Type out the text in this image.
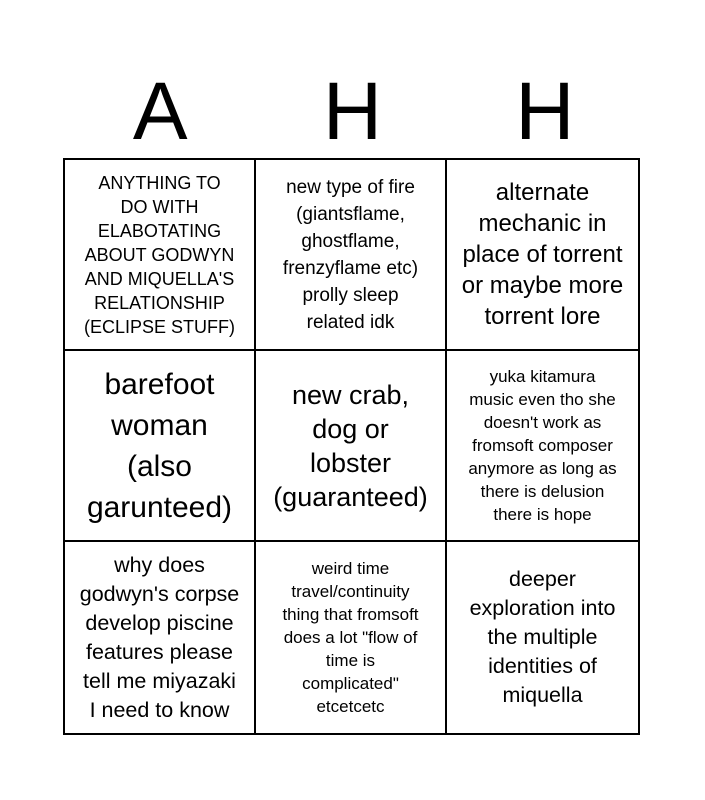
A	H	H
ANYTHING TO
DO WITH
ELABOTATING
ABOUT GODWYN
AND MIQUELLA'S
RELATIONSHIP
(ECLIPSE STUFF)
new type of fire
(giantsflame,
ghostflame,
frenzyflame etc)
prolly sleep
related idk
alternate
mechanic in
place of torrent
or maybe more
torrent lore
barefoot
woman
(also
garunteed)
new crab,
dog or
lobster
(guaranteed)
yuka kitamura
music even tho she
doesn't work as
fromsoft composer
anymore as long as
there is delusion
there is hope
why does
godwyn's corpse
develop piscine
features please
tell me miyazaki
I need to know
weird time
travel/continuity
thing that fromsoft
does a lot "flow of
time is
complicated"
etcetcetc
deeper
exploration into
the multiple
identities of
miquella
